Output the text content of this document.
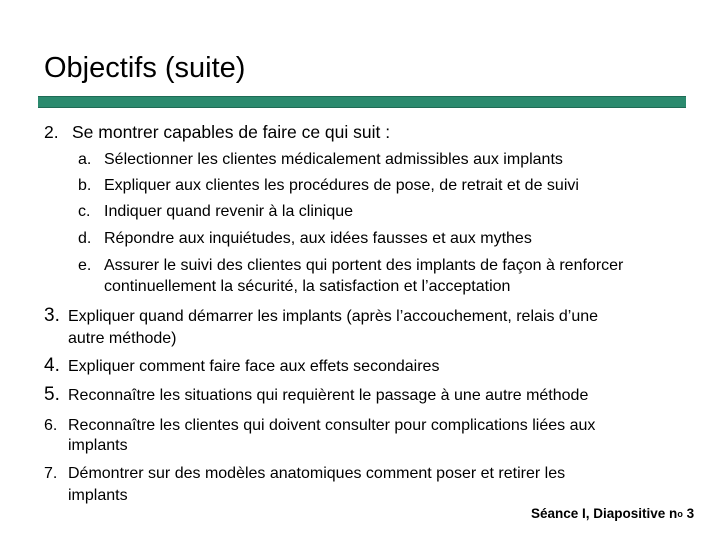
Objectifs (suite)
2. Se montrer capables de faire ce qui suit :
a. Sélectionner les clientes médicalement admissibles aux implants
b. Expliquer aux clientes les procédures de pose, de retrait et de suivi
c. Indiquer quand revenir à la clinique
d. Répondre aux inquiétudes, aux idées fausses et aux mythes
e. Assurer le suivi des clientes qui portent des implants de façon à renforcer
continuellement la sécurité, la satisfaction et l’acceptation
3. Expliquer quand démarrer les implants (après l’accouchement, relais d’une
autre méthode)
4. Expliquer comment faire face aux effets secondaires
5. Reconnaître les situations qui requièrent le passage à une autre méthode
6. Reconnaître les clientes qui doivent consulter pour complications liées aux
implants
7. Démontrer sur des modèles anatomiques comment poser et retirer les
implants
Séance I, Diapositive $n^o$ 3
